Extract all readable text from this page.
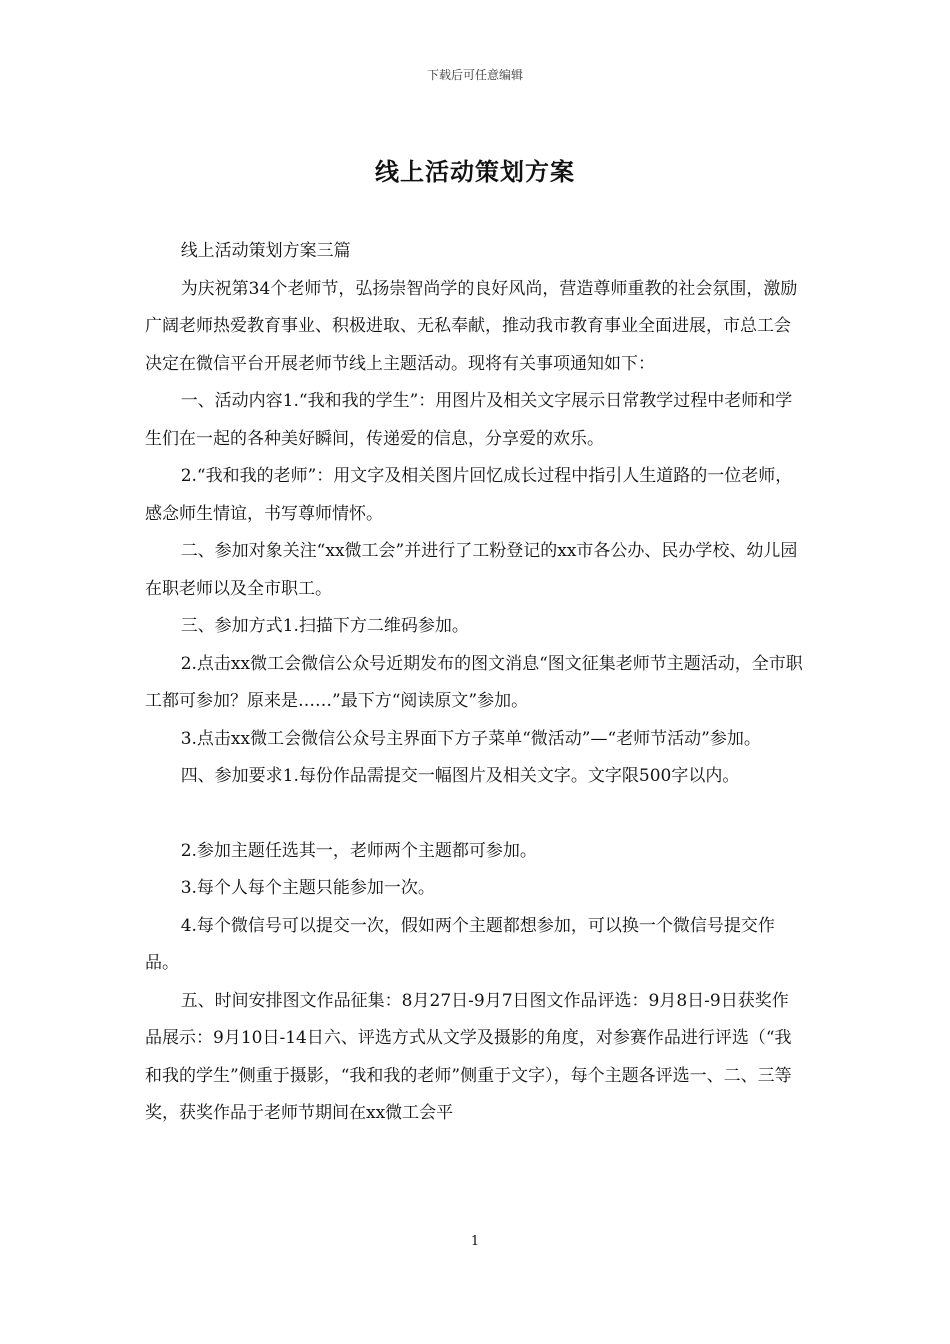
下载后可任意编辑
线上活动策划方案

线上活动策划方案三篇

为庆祝第34个老师节，弘扬崇智尚学的良好风尚，营造尊师重教的社会氛围，激励广阔老师热爱教育事业、积极进取、无私奉献，推动我市教育事业全面进展，市总工会决定在微信平台开展老师节线上主题活动。现将有关事项通知如下：

一、活动内容1.“我和我的学生”：用图片及相关文字展示日常教学过程中老师和学生们在一起的各种美好瞬间，传递爱的信息，分享爱的欢乐。

2.“我和我的老师”：用文字及相关图片回忆成长过程中指引人生道路的一位老师，感念师生情谊，书写尊师情怀。

二、参加对象关注“xx微工会”并进行了工粉登记的xx市各公办、民办学校、幼儿园在职老师以及全市职工。

三、参加方式1.扫描下方二维码参加。

2.点击xx微工会微信公众号近期发布的图文消息“图文征集老师节主题活动，全市职工都可参加？原来是……”最下方“阅读原文”参加。

3.点击xx微工会微信公众号主界面下方子菜单“微活动”—“老师节活动”参加。

四、参加要求1.每份作品需提交一幅图片及相关文字。文字限500字以内。

2.参加主题任选其一，老师两个主题都可参加。

3.每个人每个主题只能参加一次。

4.每个微信号可以提交一次，假如两个主题都想参加，可以换一个微信号提交作品。

五、时间安排图文作品征集：8月27日-9月7日图文作品评选：9月8日-9日获奖作品展示：9月10日-14日六、评选方式从文学及摄影的角度，对参赛作品进行评选（“我和我的学生”侧重于摄影，“我和我的老师”侧重于文字），每个主题各评选一、二、三等奖，获奖作品于老师节期间在xx微工会平

1
